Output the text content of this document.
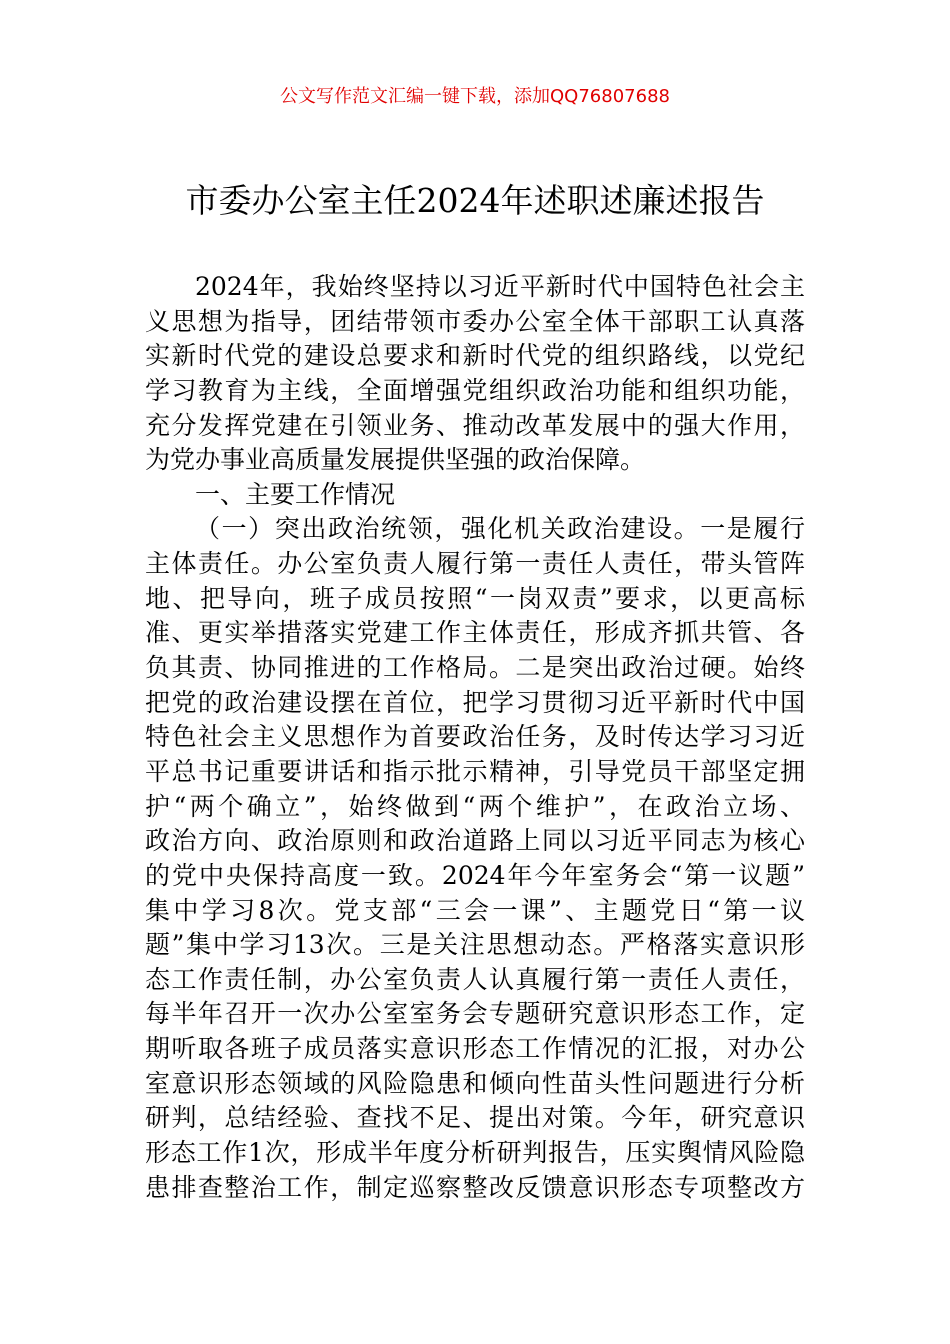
公文写作范文汇编一键下载，添加QQ76807688
市委办公室主任2024年述职述廉述报告
2024年，我始终坚持以习近平新时代中国特色社会主
义思想为指导，团结带领市委办公室全体干部职工认真落
实新时代党的建设总要求和新时代党的组织路线，以党纪
学习教育为主线，全面增强党组织政治功能和组织功能，
充分发挥党建在引领业务、推动改革发展中的强大作用，
为党办事业高质量发展提供坚强的政治保障。
一、主要工作情况
（一）突出政治统领，强化机关政治建设。一是履行
主体责任。办公室负责人履行第一责任人责任，带头管阵
地、把导向，班子成员按照“一岗双责”要求，以更高标
准、更实举措落实党建工作主体责任，形成齐抓共管、各
负其责、协同推进的工作格局。二是突出政治过硬。始终
把党的政治建设摆在首位，把学习贯彻习近平新时代中国
特色社会主义思想作为首要政治任务，及时传达学习习近
平总书记重要讲话和指示批示精神，引导党员干部坚定拥
护“两个确立”，始终做到“两个维护”，在政治立场、
政治方向、政治原则和政治道路上同以习近平同志为核心
的党中央保持高度一致。2024年今年室务会“第一议题”
集中学习8次。党支部“三会一课”、主题党日“第一议
题”集中学习13次。三是关注思想动态。严格落实意识形
态工作责任制，办公室负责人认真履行第一责任人责任，
每半年召开一次办公室室务会专题研究意识形态工作，定
期听取各班子成员落实意识形态工作情况的汇报，对办公
室意识形态领域的风险隐患和倾向性苗头性问题进行分析
研判，总结经验、查找不足、提出对策。今年，研究意识
形态工作1次，形成半年度分析研判报告，压实舆情风险隐
患排查整治工作，制定巡察整改反馈意识形态专项整改方
